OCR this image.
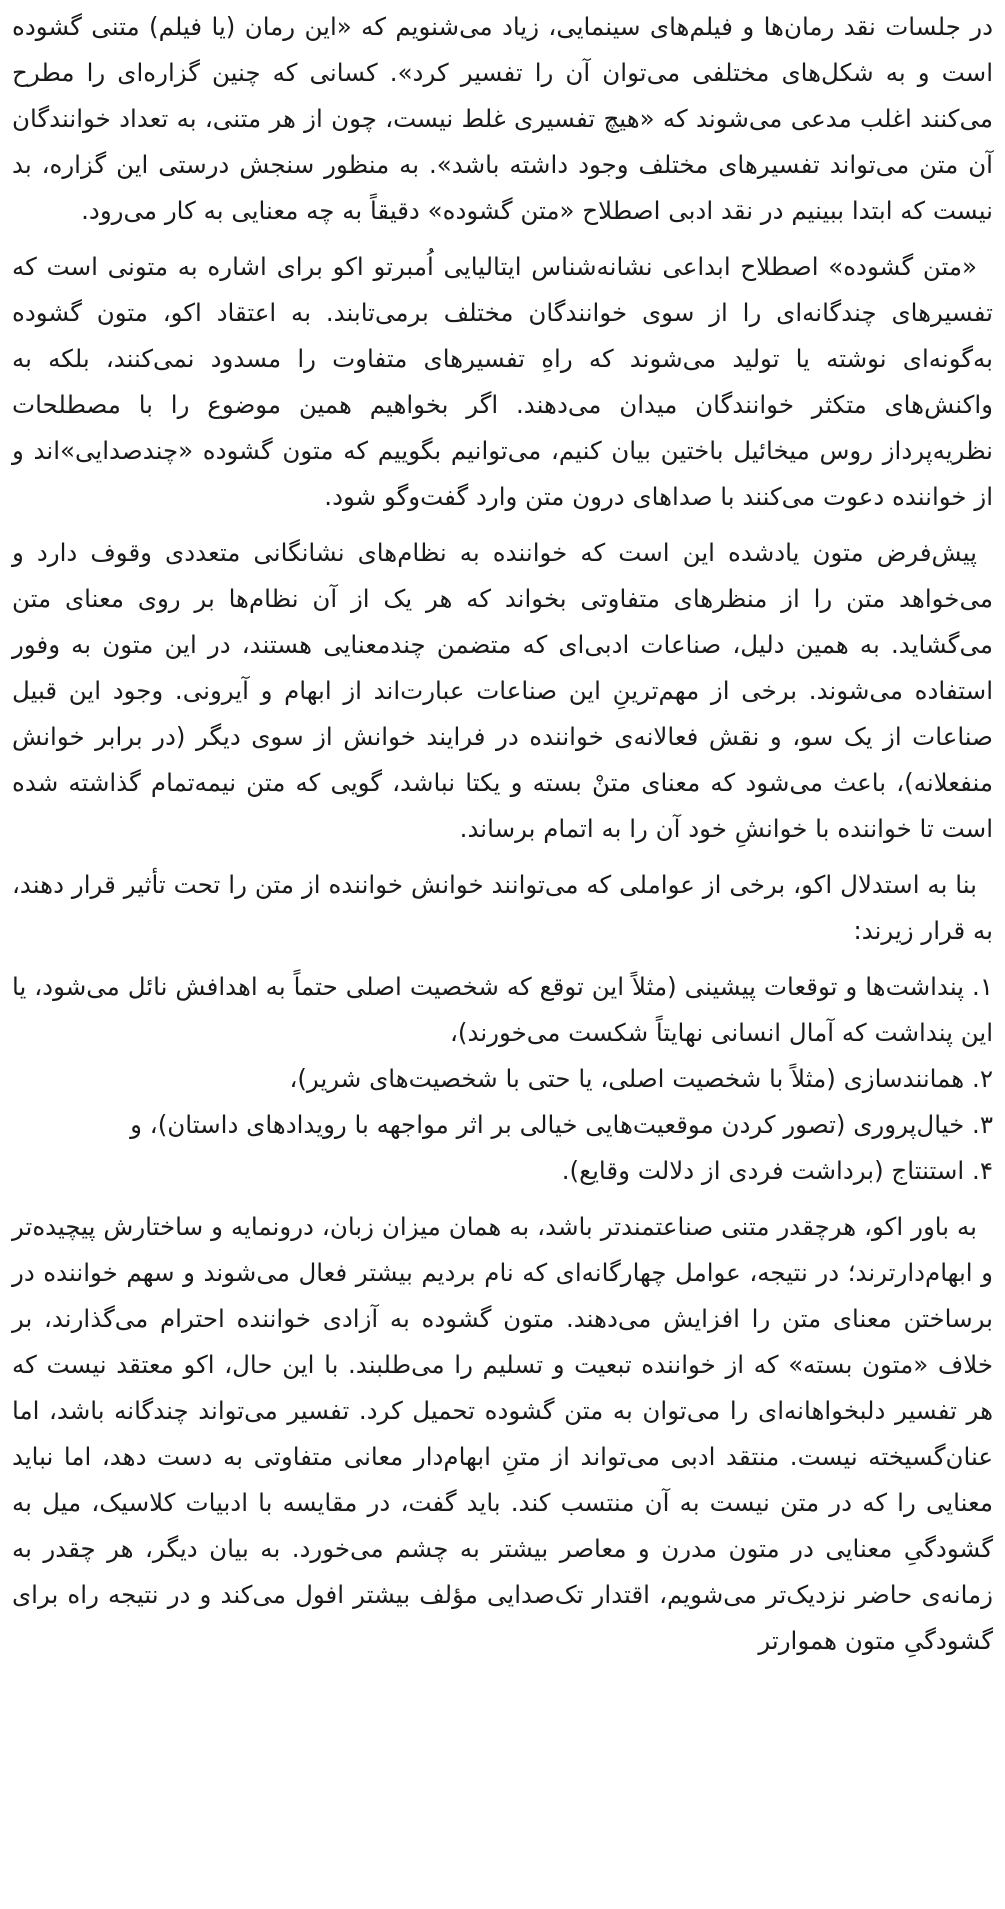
در جلسات نقد رمان‌ها و فیلم‌های سینمایی، زیاد می‌شنویم که «این رمان (یا فیلم) متنی گشوده است و به شکل‌های مختلفی می‌توان آن را تفسیر کرد». کسانی که چنین گزاره‌ای را مطرح می‌کنند اغلب مدعی می‌شوند که «هیچ تفسیری غلط نیست، چون از هر متنی، به تعداد خوانندگان آن متن می‌تواند تفسیرهای مختلف وجود داشته باشد». به منظور سنجش درستی این گزاره، بد نیست که ابتدا ببینیم در نقد ادبی اصطلاح «متن گشوده» دقیقاً به چه معنایی به کار می‌رود.

«متن گشوده» اصطلاح ابداعی نشانه‌شناس ایتالیایی اُمبرتو اکو برای اشاره به متونی است که تفسیرهای چندگانه‌ای را از سوی خوانندگان مختلف برمی‌تابند. به اعتقاد اکو، متون گشوده به‌گونه‌ای نوشته یا تولید می‌شوند که راهِ تفسیرهای متفاوت را مسدود نمی‌کنند، بلکه به واکنش‌های متکثر خوانندگان میدان می‌دهند. اگر بخواهیم همین موضوع را با مصطلحات نظریه‌پرداز روس میخائیل باختین بیان کنیم، می‌توانیم بگوییم که متون گشوده «چندصدایی»اند و از خواننده دعوت می‌کنند با صداهای درون متن وارد گفت‌وگو شود.

پیش‌فرض متون یادشده این است که خواننده به نظام‌های نشانگانی متعددی وقوف دارد و می‌خواهد متن را از منظرهای متفاوتی بخواند که هر یک از آن نظام‌ها بر روی معنای متن می‌گشاید. به همین دلیل، صناعات ادبی‌ای که متضمن چندمعنایی هستند، در این متون به وفور استفاده می‌شوند. برخی از مهم‌ترینِ این صناعات عبارت‌اند از ابهام و آیرونی. وجود این قبیل صناعات از یک سو، و نقش فعالانه‌ی خواننده در فرایند خوانش از سوی دیگر (در برابر خوانش منفعلانه)، باعث می‌شود که معنای متنْ بسته و یکتا نباشد، گویی که متن نیمه‌تمام گذاشته شده است تا خواننده با خوانشِ خود آن را به اتمام برساند.

بنا به استدلال اکو، برخی از عواملی که می‌توانند خوانش خواننده از متن را تحت تأثیر قرار دهند، به قرار زیرند:

۱. پنداشت‌ها و توقعات پیشینی (مثلاً این توقع که شخصیت اصلی حتماً به اهدافش نائل می‌شود، یا این پنداشت که آمال انسانی نهایتاً شکست می‌خورند)،
۲. همانندسازی (مثلاً با شخصیت اصلی، یا حتی با شخصیت‌های شریر)،
۳. خیال‌پروری (تصور کردن موقعیت‌هایی خیالی بر اثر مواجهه با رویدادهای داستان)، و
۴. استنتاج (برداشت فردی از دلالت وقایع).

به باور اکو، هرچقدر متنی صناعتمندتر باشد، به همان میزان زبان، درونمایه و ساختارش پیچیده‌تر و ابهام‌دارترند؛ در نتیجه، عوامل چهارگانه‌ای که نام بردیم بیشتر فعال می‌شوند و سهم خواننده در برساختن معنای متن را افزایش می‌دهند. متون گشوده به آزادی خواننده احترام می‌گذارند، بر خلاف «متون بسته» که از خواننده تبعیت و تسلیم را می‌طلبند. با این حال، اکو معتقد نیست که هر تفسیر دلبخواهانه‌ای را می‌توان به متن گشوده تحمیل کرد. تفسیر می‌تواند چندگانه باشد، اما عنان‌گسیخته نیست. منتقد ادبی می‌تواند از متنِ ابهام‌دار معانی متفاوتی به دست دهد، اما نباید معنایی را که در متن نیست به آن منتسب کند. باید گفت، در مقایسه با ادبیات کلاسیک، میل به گشودگیِ معنایی در متون مدرن و معاصر بیشتر به چشم می‌خورد. به بیان دیگر، هر چقدر به زمانه‌ی حاضر نزدیک‌تر می‌شویم، اقتدار تک‌صدایی مؤلف بیشتر افول می‌کند و در نتیجه راه برای گشودگیِ متون هموارتر
